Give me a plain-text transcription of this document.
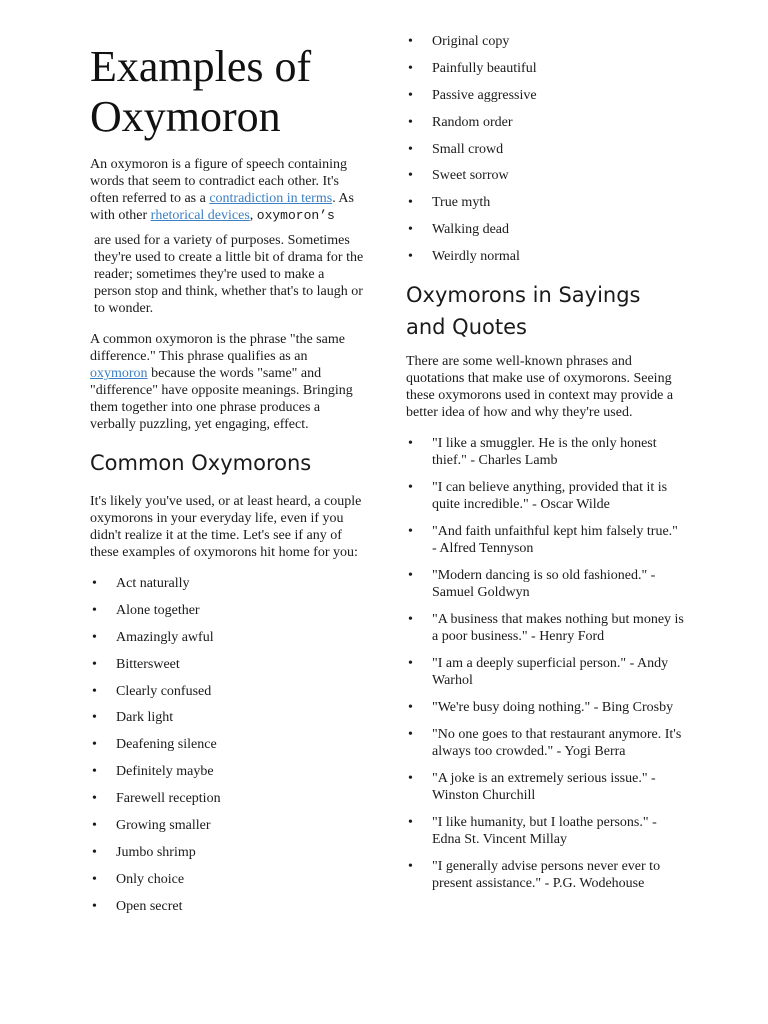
Examples of Oxymoron

An oxymoron is a figure of speech containing words that seem to contradict each other. It's often referred to as a contradiction in terms. As with other rhetorical devices, oxymoron’s

are used for a variety of purposes. Sometimes they're used to create a little bit of drama for the reader; sometimes they're used to make a person stop and think, whether that's to laugh or to wonder.

A common oxymoron is the phrase "the same difference." This phrase qualifies as an oxymoron because the words "same" and "difference" have opposite meanings. Bringing them together into one phrase produces a verbally puzzling, yet engaging, effect.

Common Oxymorons

It's likely you've used, or at least heard, a couple oxymorons in your everyday life, even if you didn't realize it at the time. Let's see if any of these examples of oxymorons hit home for you:

• Act naturally
• Alone together
• Amazingly awful
• Bittersweet
• Clearly confused
• Dark light
• Deafening silence
• Definitely maybe
• Farewell reception
• Growing smaller
• Jumbo shrimp
• Only choice
• Open secret
• Original copy
• Painfully beautiful
• Passive aggressive
• Random order
• Small crowd
• Sweet sorrow
• True myth
• Walking dead
• Weirdly normal
Oxymorons in Sayings and Quotes

There are some well-known phrases and quotations that make use of oxymorons. Seeing these oxymorons used in context may provide a better idea of how and why they're used.

• "I like a smuggler. He is the only honest thief." - Charles Lamb
• "I can believe anything, provided that it is quite incredible." - Oscar Wilde
• "And faith unfaithful kept him falsely true." - Alfred Tennyson
• "Modern dancing is so old fashioned." - Samuel Goldwyn
• "A business that makes nothing but money is a poor business." - Henry Ford
• "I am a deeply superficial person." - Andy Warhol
• "We're busy doing nothing." - Bing Crosby
• "No one goes to that restaurant anymore. It's always too crowded." - Yogi Berra
• "A joke is an extremely serious issue." - Winston Churchill
• "I like humanity, but I loathe persons." - Edna St. Vincent Millay
• "I generally advise persons never ever to present assistance." - P.G. Wodehouse
